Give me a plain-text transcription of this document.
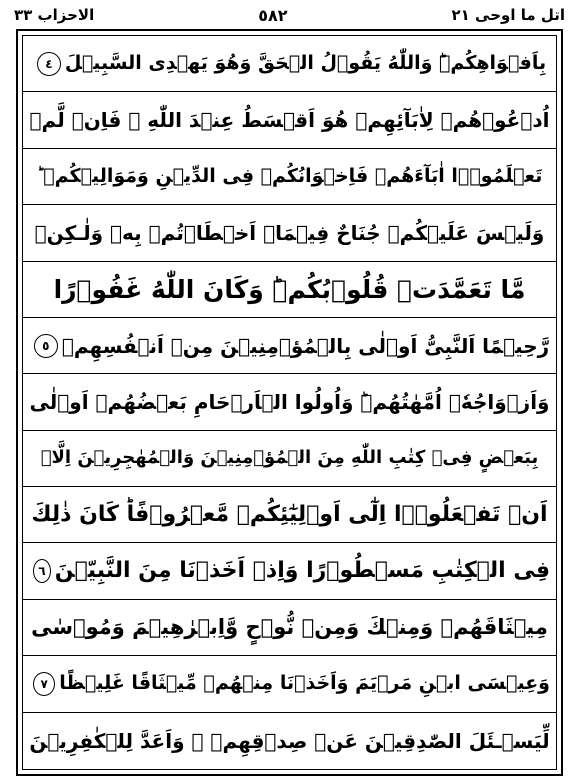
اتل ما اوحی ٢١
٥٨٢
الاحزاب ٣٣
بِاَفۡوَاهِكُمۡ‌ؕ وَاللّٰهُ يَقُوۡلُ الۡحَقَّ وَهُوَ يَهۡدِى السَّبِيۡلَ
٤
اُدۡعُوۡهُمۡ لِاٰبَآئِهِمۡ هُوَ اَقۡسَطُ عِنۡدَ اللّٰهِ‌ ۚ فَاِنۡ لَّمۡ
تَعۡلَمُوۡۤا اٰبَآءَهُمۡ فَاِخۡوَانُكُمۡ فِى الدِّيۡنِ وَمَوَالِيۡكُمۡ‌ ؕ
وَلَيۡسَ عَلَيۡكُمۡ جُنَاحٌ فِيۡمَاۤ اَخۡطَاۡتُمۡ بِهٖ وَلٰـكِنۡ
مَّا تَعَمَّدَتۡ قُلُوۡبُكُمۡ‌ؕ وَكَانَ اللّٰهُ غَفُوۡرًا
رَّحِيۡمًا اَلنَّبِىُّ اَوۡلٰى بِالۡمُؤۡمِنِيۡنَ مِنۡ اَنۡفُسِهِمۡ
٥
وَاَزۡوَاجُهٗۤ اُمَّهٰتُهُمۡ‌ؕ وَاُولُوا الۡاَرۡحَامِ بَعۡضُهُمۡ اَوۡلٰى
بِبَعۡضٍ فِىۡ كِتٰبِ اللّٰهِ مِنَ الۡمُؤۡمِنِيۡنَ وَالۡمُهٰجِرِيۡنَ اِلَّاۤ
اَنۡ تَفۡعَلُوۡۤا اِلٰٓى اَوۡلِيٰٓئِكُمۡ مَّعۡرُوۡفًا‌ؕ كَانَ ذٰلِكَ
فِى الۡكِتٰبِ مَسۡطُوۡرًا وَاِذۡ اَخَذۡنَا مِنَ النَّبِيّٖنَ
٦
مِيۡثَاقَهُمۡ وَمِنۡكَ وَمِنۡ نُّوۡحٍ وَّاِبۡرٰهِيۡمَ وَمُوۡسٰى
وَعِيۡسَى ابۡنِ مَرۡيَمَ‌ وَاَخَذۡنَا مِنۡهُمۡ مِّيۡثَاقًا غَلِيۡظًا
٧
لِّيَسۡـئَلَ الصّٰدِقِيۡنَ عَنۡ صِدۡقِهِمۡ‌ ۚ وَاَعَدَّ لِلۡكٰفِرِيۡنَ
